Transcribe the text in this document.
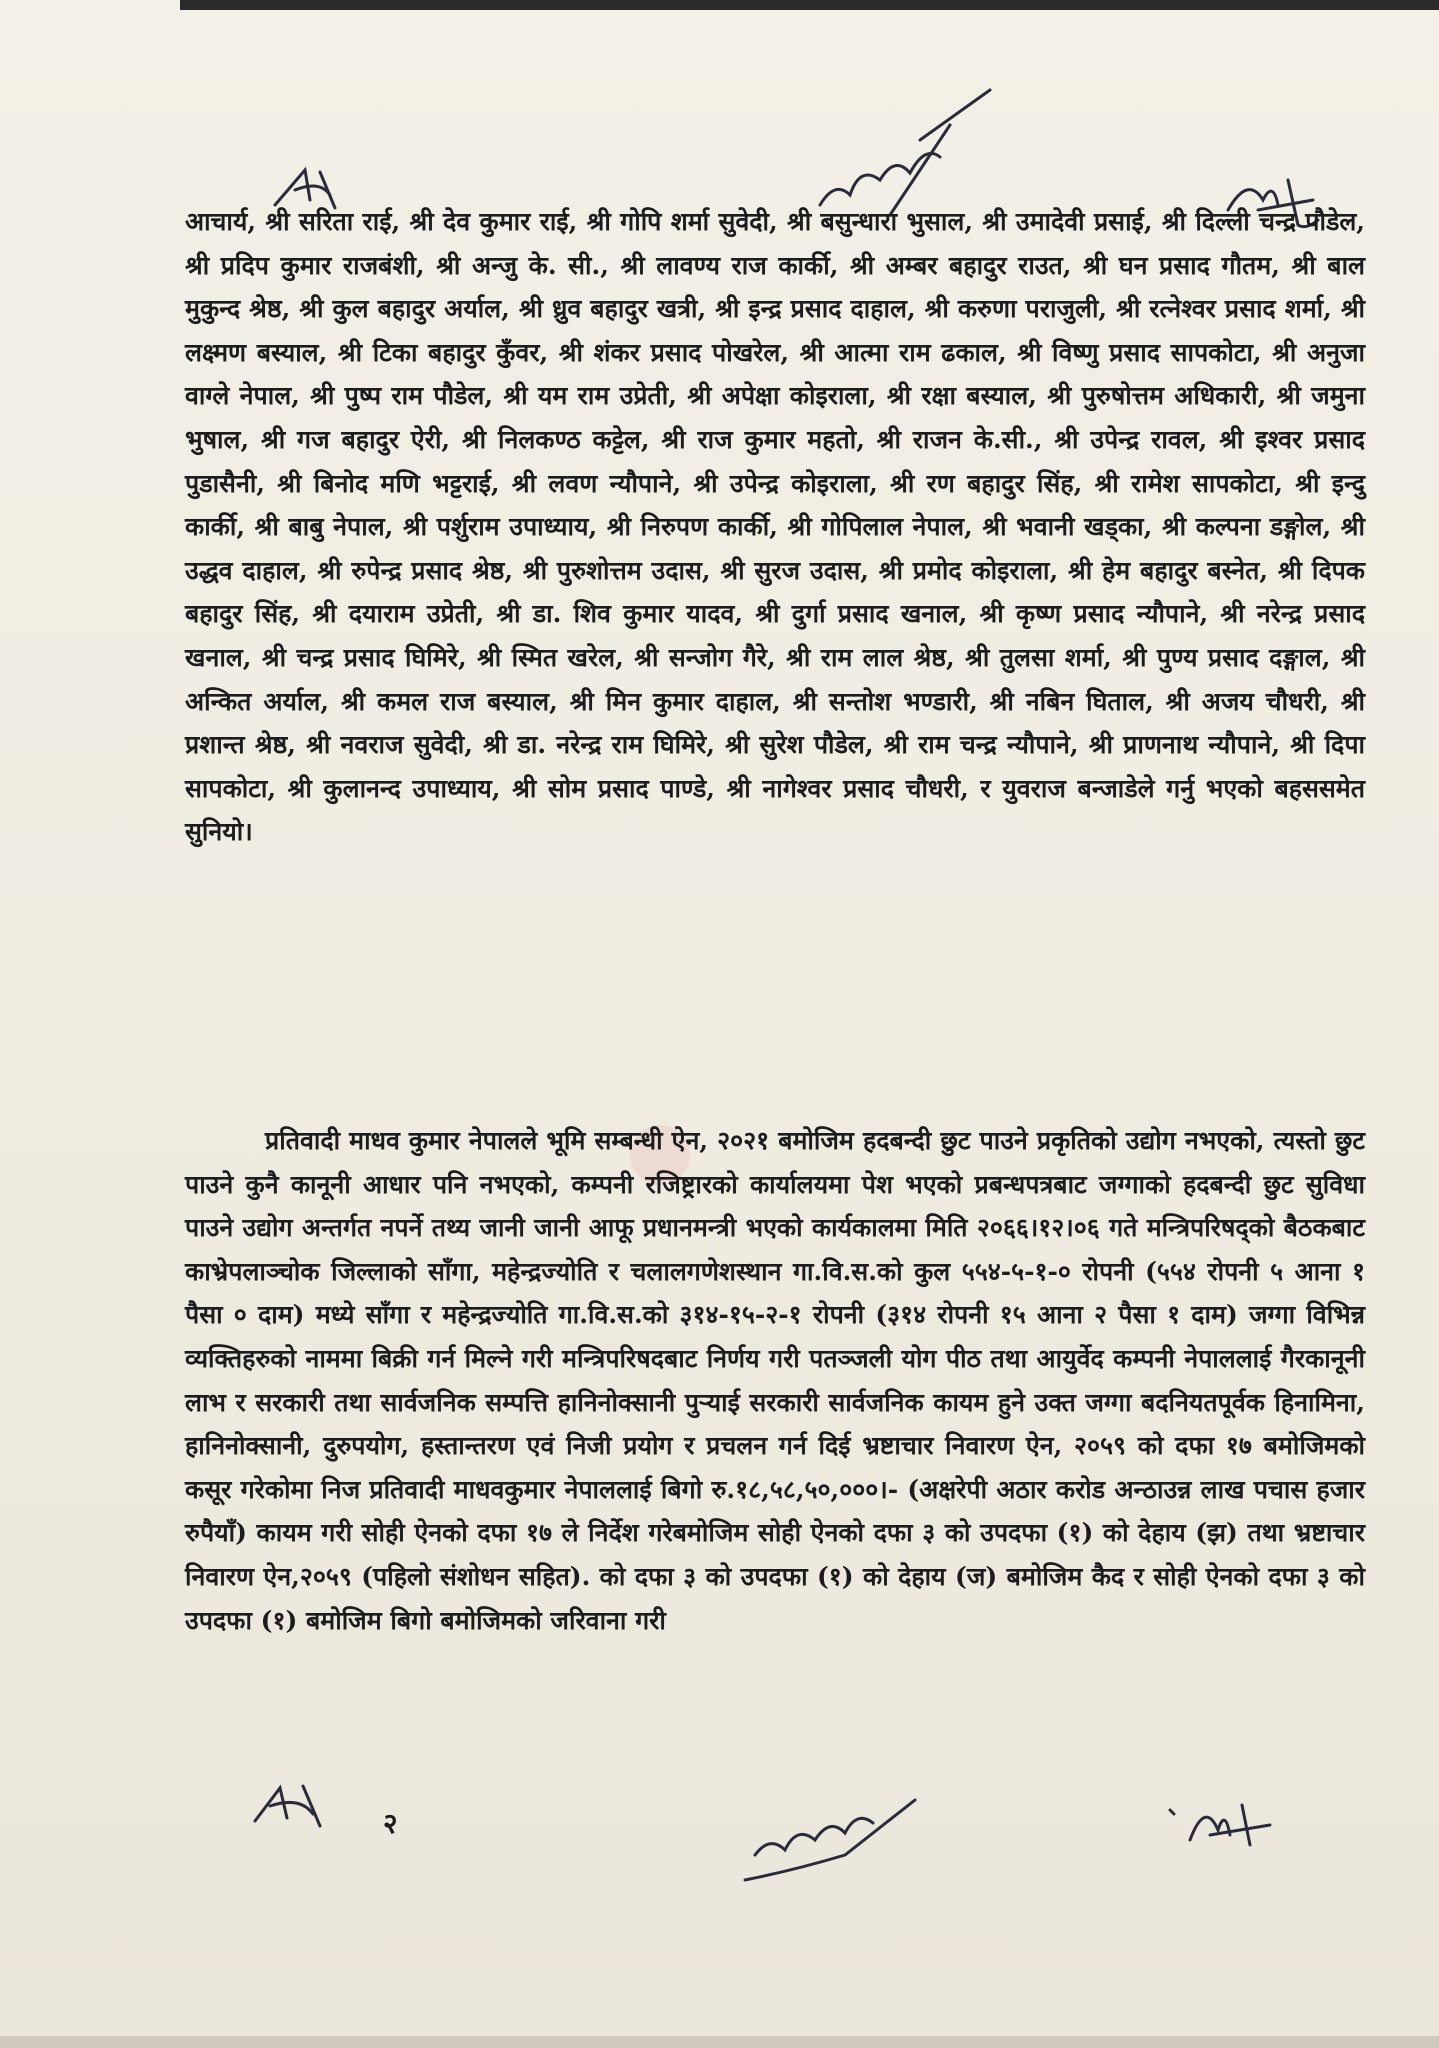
आचार्य, श्री सरिता राई, श्री देव कुमार राई, श्री गोपि शर्मा सुवेदी, श्री बसुन्धारा भुसाल, श्री उमादेवी प्रसाई, श्री दिल्ली चन्द्र पौडेल, श्री प्रदिप कुमार राजबंशी, श्री अन्जु के. सी., श्री लावण्य राज कार्की, श्री अम्बर बहादुर राउत, श्री घन प्रसाद गौतम, श्री बाल मुकुन्द श्रेष्ठ, श्री कुल बहादुर अर्याल, श्री ध्रुव बहादुर खत्री, श्री इन्द्र प्रसाद दाहाल, श्री करुणा पराजुली, श्री रत्नेश्वर प्रसाद शर्मा, श्री लक्ष्मण बस्याल, श्री टिका बहादुर कुँवर, श्री शंकर प्रसाद पोखरेल, श्री आत्मा राम ढकाल, श्री विष्णु प्रसाद सापकोटा, श्री अनुजा वाग्ले नेपाल, श्री पुष्प राम पौडेल, श्री यम राम उप्रेती, श्री अपेक्षा कोइराला, श्री रक्षा बस्याल, श्री पुरुषोत्तम अधिकारी, श्री जमुना भुषाल, श्री गज बहादुर ऐरी, श्री निलकण्ठ कट्टेल, श्री राज कुमार महतो, श्री राजन के.सी., श्री उपेन्द्र रावल, श्री इश्वर प्रसाद पुडासैनी, श्री बिनोद मणि भट्टराई, श्री लवण न्यौपाने, श्री उपेन्द्र कोइराला, श्री रण बहादुर सिंह, श्री रामेश सापकोटा, श्री इन्दु कार्की, श्री बाबु नेपाल, श्री पर्शुराम उपाध्याय, श्री निरुपण कार्की, श्री गोपिलाल नेपाल, श्री भवानी खड्का, श्री कल्पना डङ्गोल, श्री उद्धव दाहाल, श्री रुपेन्द्र प्रसाद श्रेष्ठ, श्री पुरुशोत्तम उदास, श्री सुरज उदास, श्री प्रमोद कोइराला, श्री हेम बहादुर बस्नेत, श्री दिपक बहादुर सिंह, श्री दयाराम उप्रेती, श्री डा. शिव कुमार यादव, श्री दुर्गा प्रसाद खनाल, श्री कृष्ण प्रसाद न्यौपाने, श्री नरेन्द्र प्रसाद खनाल, श्री चन्द्र प्रसाद घिमिरे, श्री स्मित खरेल, श्री सन्जोग गैरे, श्री राम लाल श्रेष्ठ, श्री तुलसा शर्मा, श्री पुण्य प्रसाद दङ्गाल, श्री अन्कित अर्याल, श्री कमल राज बस्याल, श्री मिन कुमार दाहाल, श्री सन्तोश भण्डारी, श्री नबिन घिताल, श्री अजय चौधरी, श्री प्रशान्त श्रेष्ठ, श्री नवराज सुवेदी, श्री डा. नरेन्द्र राम घिमिरे, श्री सुरेश पौडेल, श्री राम चन्द्र न्यौपाने, श्री प्राणनाथ न्यौपाने, श्री दिपा सापकोटा, श्री कुलानन्द उपाध्याय, श्री सोम प्रसाद पाण्डे, श्री नागेश्वर प्रसाद चौधरी, र युवराज बन्जाडेले गर्नु भएको बहससमेत सुनियो।
प्रतिवादी माधव कुमार नेपालले भूमि सम्बन्धी ऐन, २०२१ बमोजिम हदबन्दी छुट पाउने प्रकृतिको उद्योग नभएको, त्यस्तो छुट पाउने कुनै कानूनी आधार पनि नभएको, कम्पनी रजिष्ट्रारको कार्यालयमा पेश भएको प्रबन्धपत्रबाट जग्गाको हदबन्दी छुट सुविधा पाउने उद्योग अन्तर्गत नपर्ने तथ्य जानी जानी आफू प्रधानमन्त्री भएको कार्यकालमा मिति २०६६।१२।०६ गते मन्त्रिपरिषद्को बैठकबाट काभ्रेपलाञ्चोक जिल्लाको साँगा, महेन्द्रज्योति र चलालगणेशस्थान गा.वि.स.को कुल ५५४-५-१-० रोपनी (५५४ रोपनी ५ आना १ पैसा ० दाम) मध्ये साँगा र महेन्द्रज्योति गा.वि.स.को ३१४-१५-२-१ रोपनी (३१४ रोपनी १५ आना २ पैसा १ दाम) जग्गा विभिन्न व्यक्तिहरुको नाममा बिक्री गर्न मिल्ने गरी मन्त्रिपरिषदबाट निर्णय गरी पतञ्जली योग पीठ तथा आयुर्वेद कम्पनी नेपाललाई गैरकानूनी लाभ र सरकारी तथा सार्वजनिक सम्पत्ति हानिनोक्सानी पुऱ्याई सरकारी सार्वजनिक कायम हुने उक्त जग्गा बदनियतपूर्वक हिनामिना, हानिनोक्सानी, दुरुपयोग, हस्तान्तरण एवं निजी प्रयोग र प्रचलन गर्न दिई भ्रष्टाचार निवारण ऐन, २०५९ को दफा १७ बमोजिमको कसूर गरेकोमा निज प्रतिवादी माधवकुमार नेपाललाई बिगो रु.१८,५८,५०,०००।- (अक्षरेपी अठार करोड अन्ठाउन्न लाख पचास हजार रुपैयाँ) कायम गरी सोही ऐनको दफा १७ ले निर्देश गरेबमोजिम सोही ऐनको दफा ३ को उपदफा (१) को देहाय (झ) तथा भ्रष्टाचार निवारण ऐन,२०५९ (पहिलो संशोधन सहित). को दफा ३ को उपदफा (१) को देहाय (ज) बमोजिम कैद र सोही ऐनको दफा ३ को उपदफा (१) बमोजिम बिगो बमोजिमको जरिवाना गरी
२
